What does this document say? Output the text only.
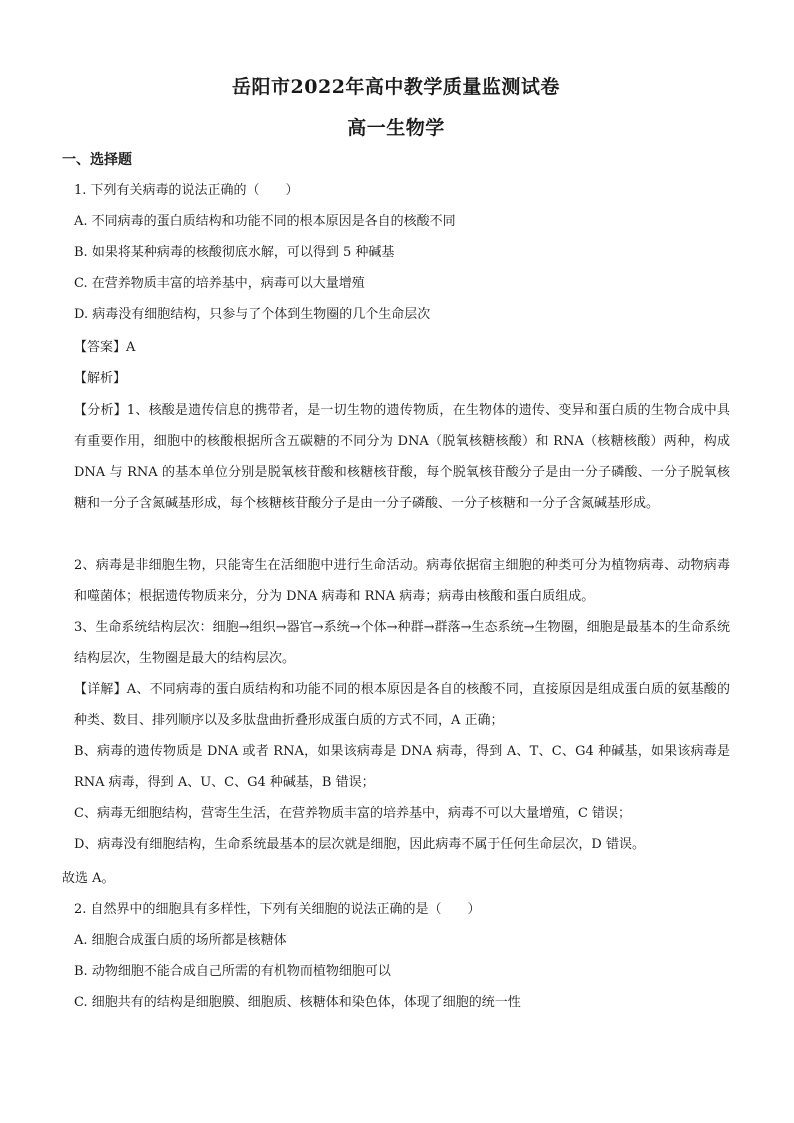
岳阳市2022年高中教学质量监测试卷
高一生物学
一、选择题
1. 下列有关病毒的说法正确的（　　）
A. 不同病毒的蛋白质结构和功能不同的根本原因是各自的核酸不同
B. 如果将某种病毒的核酸彻底水解，可以得到 5 种碱基
C. 在营养物质丰富的培养基中，病毒可以大量增殖
D. 病毒没有细胞结构，只参与了个体到生物圈的几个生命层次
【答案】A
【解析】
【分析】1、核酸是遗传信息的携带者，是一切生物的遗传物质，在生物体的遗传、变异和蛋白质的生物合成中具有重要作用，细胞中的核酸根据所含五碳糖的不同分为 DNA（脱氧核糖核酸）和 RNA（核糖核酸）两种，构成 DNA 与 RNA 的基本单位分别是脱氧核苷酸和核糖核苷酸，每个脱氧核苷酸分子是由一分子磷酸、一分子脱氧核糖和一分子含氮碱基形成，每个核糖核苷酸分子是由一分子磷酸、一分子核糖和一分子含氮碱基形成。
2、病毒是非细胞生物，只能寄生在活细胞中进行生命活动。病毒依据宿主细胞的种类可分为植物病毒、动物病毒和噬菌体；根据遗传物质来分，分为 DNA 病毒和 RNA 病毒；病毒由核酸和蛋白质组成。
3、生命系统结构层次：细胞→组织→器官→系统→个体→种群→群落→生态系统→生物圈，细胞是最基本的生命系统结构层次，生物圈是最大的结构层次。
【详解】A、不同病毒的蛋白质结构和功能不同的根本原因是各自的核酸不同，直接原因是组成蛋白质的氨基酸的种类、数目、排列顺序以及多肽盘曲折叠形成蛋白质的方式不同，A 正确；
B、病毒的遗传物质是 DNA 或者 RNA，如果该病毒是 DNA 病毒，得到 A、T、C、G4 种碱基，如果该病毒是 RNA 病毒，得到 A、U、C、G4 种碱基，B 错误；
C、病毒无细胞结构，营寄生生活，在营养物质丰富的培养基中，病毒不可以大量增殖，C 错误；
D、病毒没有细胞结构，生命系统最基本的层次就是细胞，因此病毒不属于任何生命层次，D 错误。
故选 A。
2. 自然界中的细胞具有多样性，下列有关细胞的说法正确的是（　　）
A. 细胞合成蛋白质的场所都是核糖体
B. 动物细胞不能合成自己所需的有机物而植物细胞可以
C. 细胞共有的结构是细胞膜、细胞质、核糖体和染色体，体现了细胞的统一性
